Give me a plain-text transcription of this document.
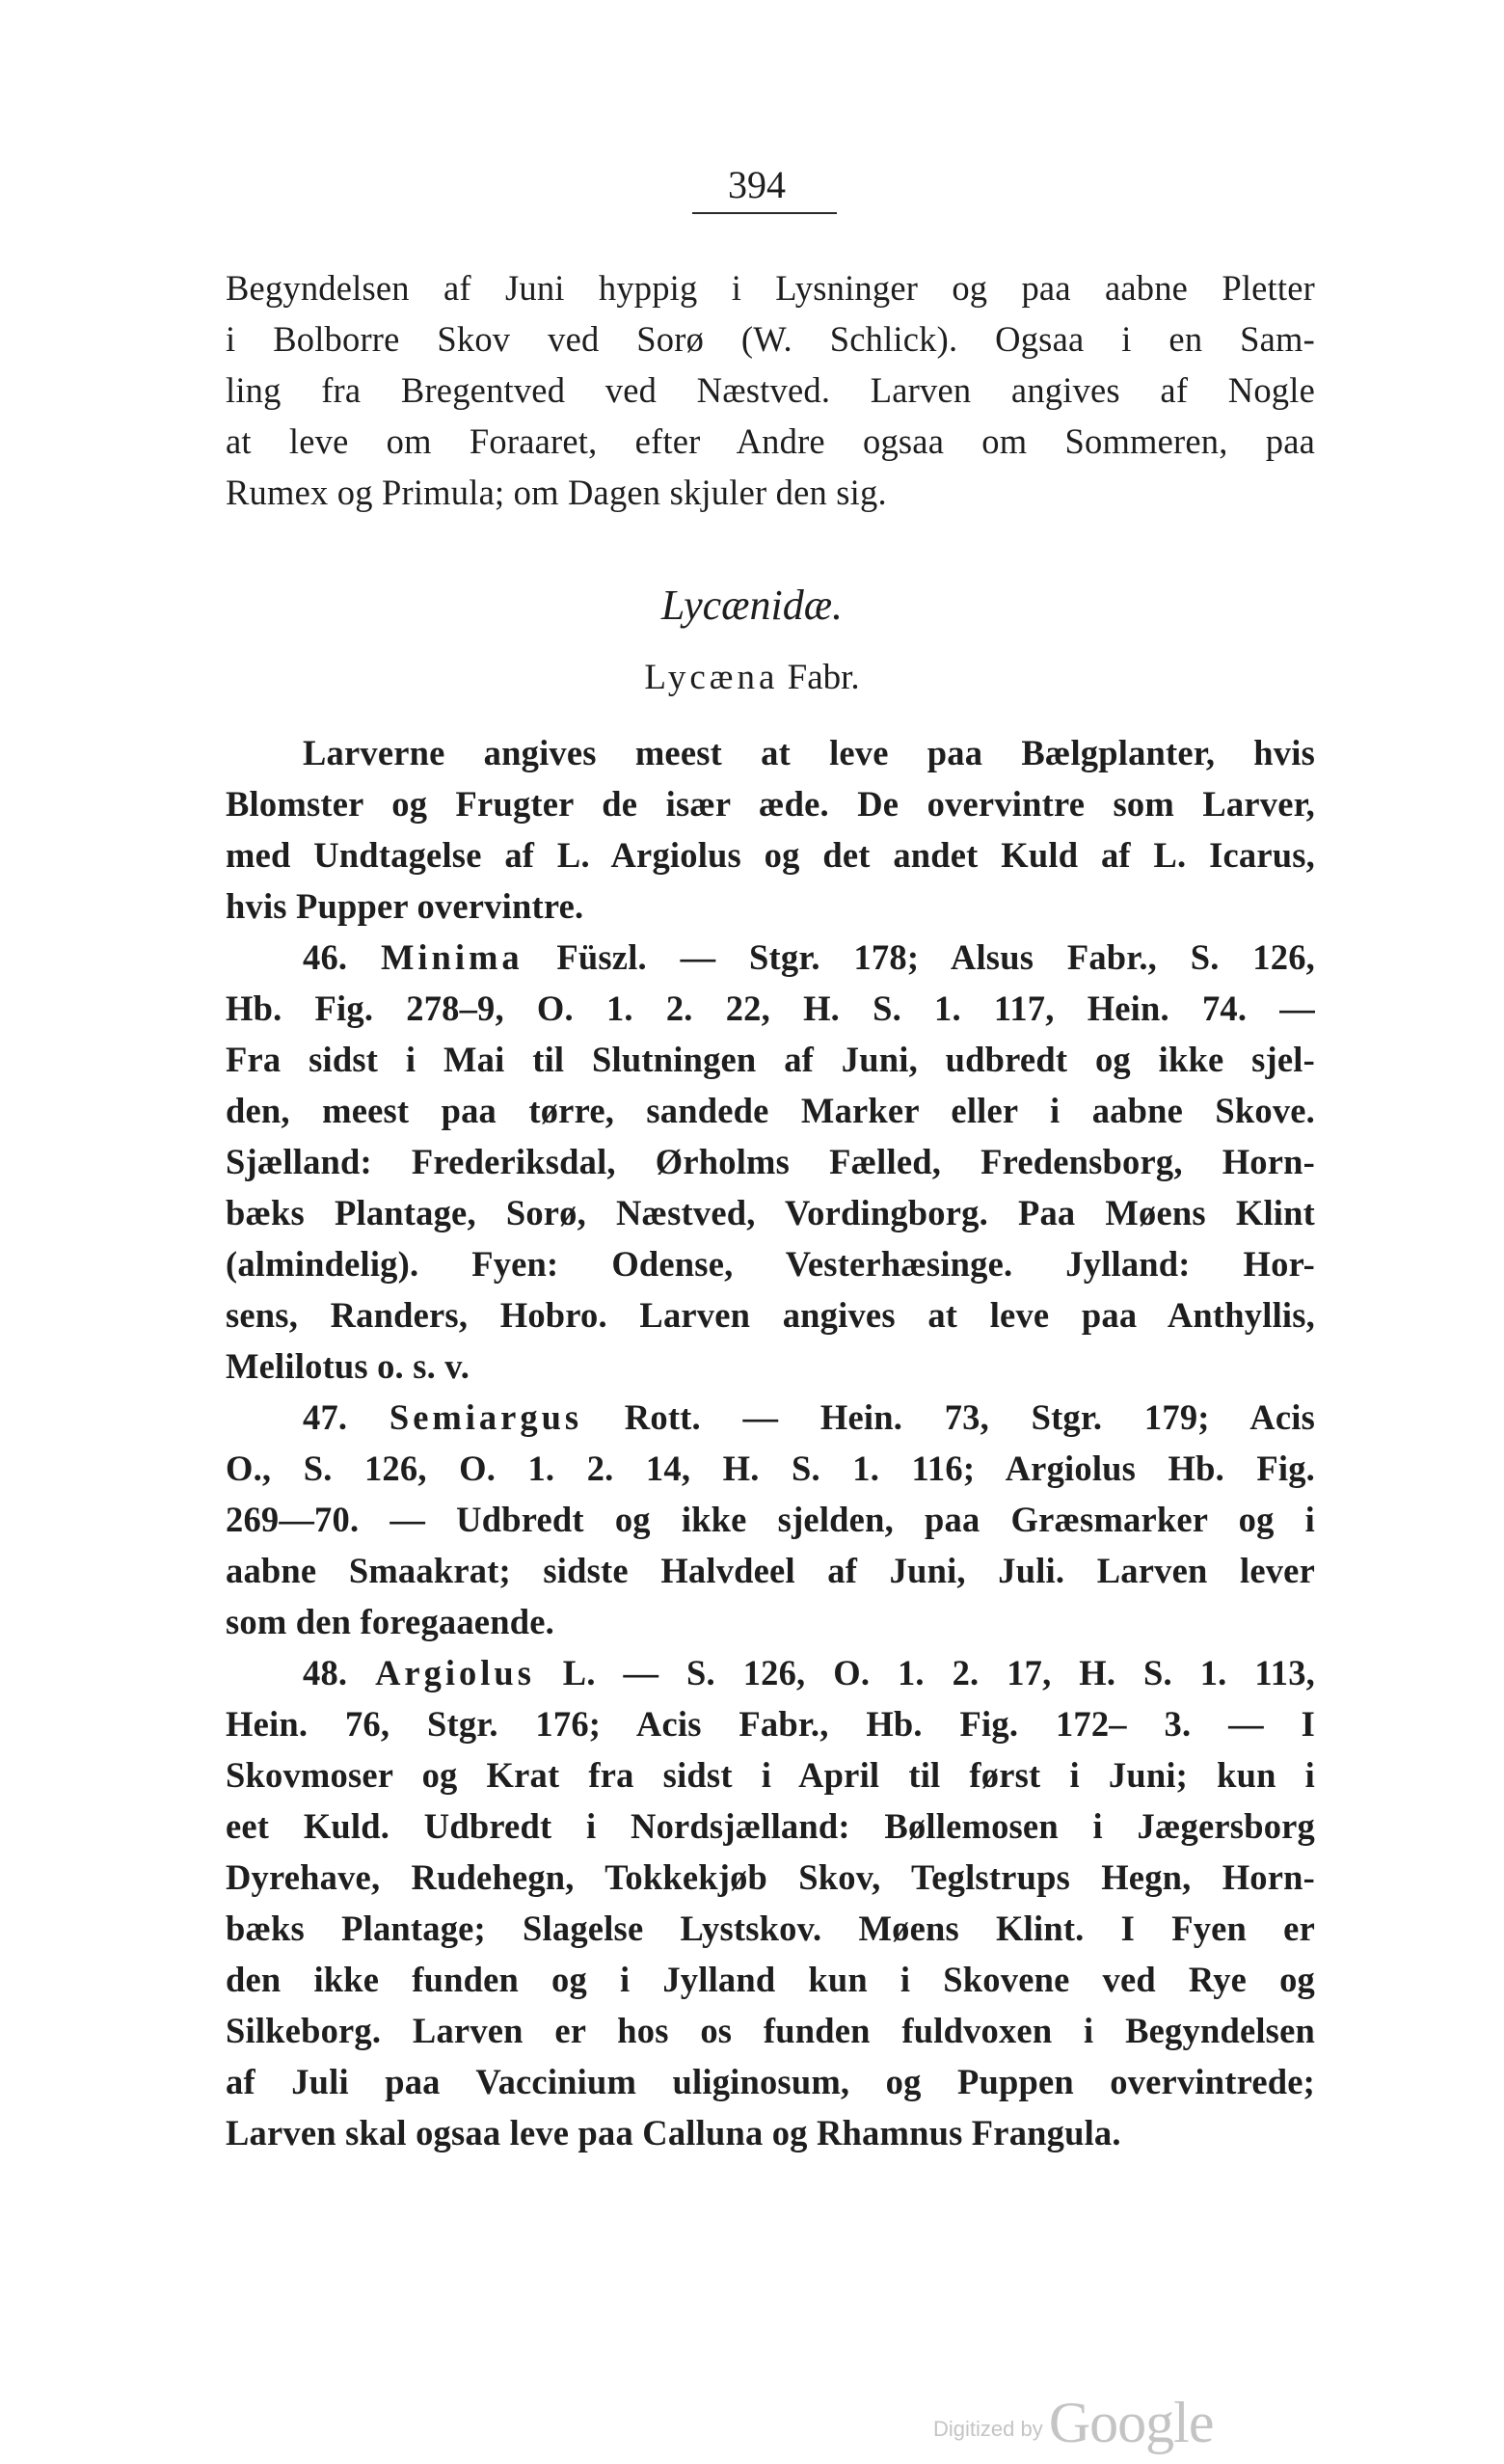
394
Begyndelsen af Juni hyppig i Lysninger og paa aabne Pletter
i Bolborre Skov ved Sorø (W. Schlick). Ogsaa i en Sam-
ling fra Bregentved ved Næstved. Larven angives af Nogle
at leve om Foraaret, efter Andre ogsaa om Sommeren, paa
Rumex og Primula; om Dagen skjuler den sig.
Lycænidæ.
Lycæna Fabr.
Larverne angives meest at leve paa Bælgplanter, hvis
Blomster og Frugter de især æde. De overvintre som Larver,
med Undtagelse af L. Argiolus og det andet Kuld af L. Icarus,
hvis Pupper overvintre.
46. Minima Füszl. — Stgr. 178; Alsus Fabr., S. 126,
Hb. Fig. 278–9, O. 1. 2. 22, H. S. 1. 117, Hein. 74. —
Fra sidst i Mai til Slutningen af Juni, udbredt og ikke sjel-
den, meest paa tørre, sandede Marker eller i aabne Skove.
Sjælland: Frederiksdal, Ørholms Fælled, Fredensborg, Horn-
bæks Plantage, Sorø, Næstved, Vordingborg. Paa Møens Klint
(almindelig). Fyen: Odense, Vesterhæsinge. Jylland: Hor-
sens, Randers, Hobro. Larven angives at leve paa Anthyllis,
Melilotus o. s. v.
47. Semiargus Rott. — Hein. 73, Stgr. 179; Acis
O., S. 126, O. 1. 2. 14, H. S. 1. 116; Argiolus Hb. Fig.
269—70. — Udbredt og ikke sjelden, paa Græsmarker og i
aabne Smaakrat; sidste Halvdeel af Juni, Juli. Larven lever
som den foregaaende.
48. Argiolus L. — S. 126, O. 1. 2. 17, H. S. 1. 113,
Hein. 76, Stgr. 176; Acis Fabr., Hb. Fig. 172– 3. — I
Skovmoser og Krat fra sidst i April til først i Juni; kun i
eet Kuld. Udbredt i Nordsjælland: Bøllemosen i Jægersborg
Dyrehave, Rudehegn, Tokkekjøb Skov, Teglstrups Hegn, Horn-
bæks Plantage; Slagelse Lystskov. Møens Klint. I Fyen er
den ikke funden og i Jylland kun i Skovene ved Rye og
Silkeborg. Larven er hos os funden fuldvoxen i Begyndelsen
af Juli paa Vaccinium uliginosum, og Puppen overvintrede;
Larven skal ogsaa leve paa Calluna og Rhamnus Frangula.
Digitized by Google
